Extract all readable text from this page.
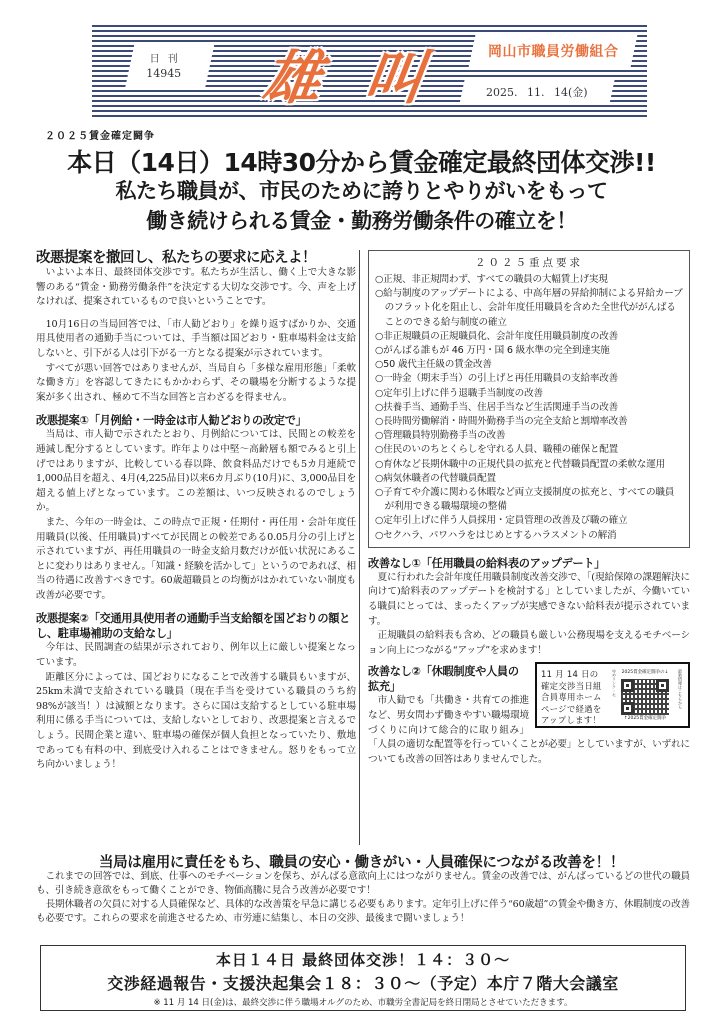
日刊
14945	雄 叫	岡山市職員労働組合
2025. 11. 14(金)
２０２５賃金確定闘争
本日（14日）14時30分から賃金確定最終団体交渉!!
私たち職員が、市民のために誇りとやりがいをもって
働き続けられる賃金・勤務労働条件の確立を！
改悪提案を撤回し、私たちの要求に応えよ！

いよいよ本日、最終団体交渉です。私たちが生活し、働く上で大きな影響のある“賃金・勤務労働条件”を決定する大切な交渉です。今、声を上げなければ、提案されているもので良いということです。

10月16日の当局回答では、「市人勧どおり」を繰り返すばかりか、交通用具使用者の通勤手当については、手当額は国どおり・駐車場料金は支給しないと、引下がる人は引下がる一方となる提案が示されています。

すべてが悪い回答ではありませんが、当局自ら「多様な雇用形態」「柔軟な働き方」を容認してきたにもかかわらず、その職場を分断するような提案が多く出され、極めて不当な回答と言わざるを得ません。

改悪提案①「月例給・一時金は市人勧どおりの改定で」

当局は、市人勧で示されたとおり、月例給については、民間との較差を逓減し配分するとしています。昨年よりは中堅～高齢層も額でみると引上げではありますが、比較している春以降、飲食料品だけでも5カ月連続で1,000品目を超え、4月(4,225品目)以来6カ月ぶり(10月)に、3,000品目を超える値上げとなっています。この差額は、いつ反映されるのでしょうか。

また、今年の一時金は、この時点で正規・任期付・再任用・会計年度任用職員(以後、任用職員)すべてが民間との較差である0.05月分の引上げと示されていますが、再任用職員の一時金支給月数だけが低い状況にあることに変わりはありません。「知識・経験を活かして」というのであれば、相当の待遇に改善すべきです。60歳超職員との均衡がはかれていない制度も改善が必要です。

改悪提案②「交通用具使用者の通勤手当支給額を国どおりの額とし、駐車場補助の支給なし」

今年は、民間調査の結果が示されており、例年以上に厳しい提案となっています。

距離区分によっては、国どおりになることで改善する職員もいますが、25km未満で支給されている職員（現在手当を受けている職員のうち約98%が該当！）は減額となります。さらに国は支給するとしている駐車場利用に係る手当については、支給しないとしており、改悪提案と言えるでしょう。民間企業と違い、駐車場の確保が個人負担となっていたり、敷地であっても有料の中、到底受け入れることはできません。怒りをもって立ち向かいましょう！

２０２５重点要求
○正規、非正規問わず、すべての職員の大幅賃上げ実現
○給与制度のアップデートによる、中高年層の昇給抑制による昇給カーブのフラット化を阻止し、会計年度任用職員を含めた全世代ががんばることのできる給与制度の確立
○非正規職員の正規職員化、会計年度任用職員制度の改善
○がんばる誰もが 46 万円・国 6 級水準の完全到達実施
○50 歳代主任級の賃金改善
○一時金（期末手当）の引上げと再任用職員の支給率改善
○定年引上げに伴う退職手当制度の改善
○扶養手当、通勤手当、住居手当など生活関連手当の改善
○長時間労働解消・時間外勤務手当の完全支給と割増率改善
○管理職員特別勤務手当の改善
○住民のいのちとくらしを守れる人員、職種の確保と配置
○育休など長期休職中の正規代員の拡充と代替職員配置の柔軟な運用
○病気休職者の代替職員配置
○子育てや介護に関わる休暇など両立支援制度の拡充と、すべての職員が利用できる職場環境の整備
○定年引上げに伴う人員採用・定員管理の改善及び職の確立
○セクハラ、パワハラをはじめとするハラスメントの解消
改善なし①「任用職員の給料表のアップデート」

夏に行われた会計年度任用職員制度改善交渉で、「(現給保障の課題解決に向けて)給料表のアップデートを検討する」としていましたが、今働いている職員にとっては、まったくアップが実感できない給料表が提示されています。

正規職員の給料表も含め、どの職員も厳しい公務現場を支えるモチベーション向上につながる“アップ”を求めます！

11 月 14 日の確定交渉当日組合員専用ホームページで経過をアップします！
ゆめリンク・セ 2025賃金確定闘争の↓
↑2025賃金確定闘争
最新情報はこちらから
改善なし②「休暇制度や人員の拡充」

市人勧でも「共働き・共育ての推進など、男女問わず働きやすい職場環境づくりに向けて総合的に取り組み」「人員の適切な配置等を行っていくことが必要」としていますが、いずれについても改善の回答はありませんでした。

当局は雇用に責任をもち、職員の安心・働きがい・人員確保につながる改善を！！

これまでの回答では、到底、仕事へのモチベーションを保ち、がんばる意欲向上にはつながりません。賃金の改善では、がんばっているどの世代の職員も、引き続き意欲をもって働くことができ、物価高騰に見合う改善が必要です！

長期休職者の欠員に対する人員確保など、具体的な改善策を早急に講じる必要もあります。定年引上げに伴う“60歳超”の賃金や働き方、休暇制度の改善も必要です。これらの要求を前進させるため、市労連に結集し、本日の交渉、最後まで闘いましょう！

本日１４日 最終団体交渉！１４：３０～
交渉経過報告・支援決起集会１８：３０～（予定）本庁７階大会議室
※ 11 月 14 日(金)は、最終交渉に伴う職場オルグのため、市職労全書記局を終日閉局とさせていただきます。
